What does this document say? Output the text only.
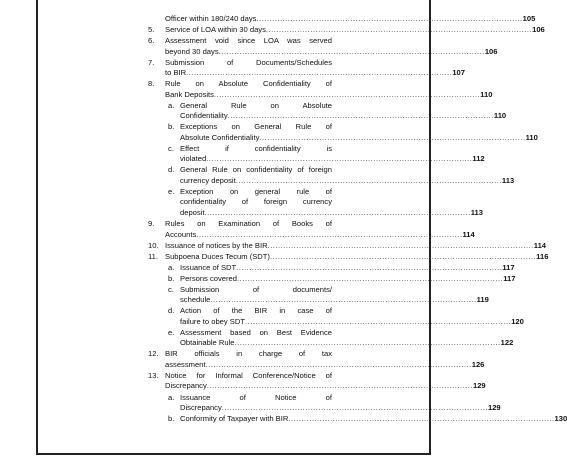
Officer within 180/240 days .....	105
5.	Service of LOA within 30 days .....	106
6.	Assessment void since LOA was served
beyond 30 days .....	106
7.	Submission of Documents/Schedules
to BIR .....	107
8.	Rule on Absolute Confidentiality of
Bank Deposits .....	110
a. General Rule on Absolute
Confidentiality .....	110
b. Exceptions on General Rule of
Absolute Confidentiality .....	110
c. Effect if confidentiality is
violated .....	112
d. General Rule on confidentiality of foreign
currency deposit .....	113
e. Exception on general rule of
confidentiality of foreign currency
deposit .....	113
9.	Rules on Examination of Books of
Accounts .....	114
10. Issuance of notices by the BIR .....	114
11. Subpoena Duces Tecum (SDT) .....	116
a. Issuance of SDT .....	117
b. Persons covered .....	117
c. Submission of documents/
schedule .....	119
d. Action of the BIR in case of
failure to obey SDT .....	120
e. Assessment based on Best Evidence
Obtainable Rule .....	122
12. BIR officials in charge of tax
assessment .....	126
13. Notice for Informal Conference/Notice of
Discrepancy .....	129
a. Issuance of Notice of
Discrepancy .....	129
b. Conformity of Taxpayer with BIR .....	130
